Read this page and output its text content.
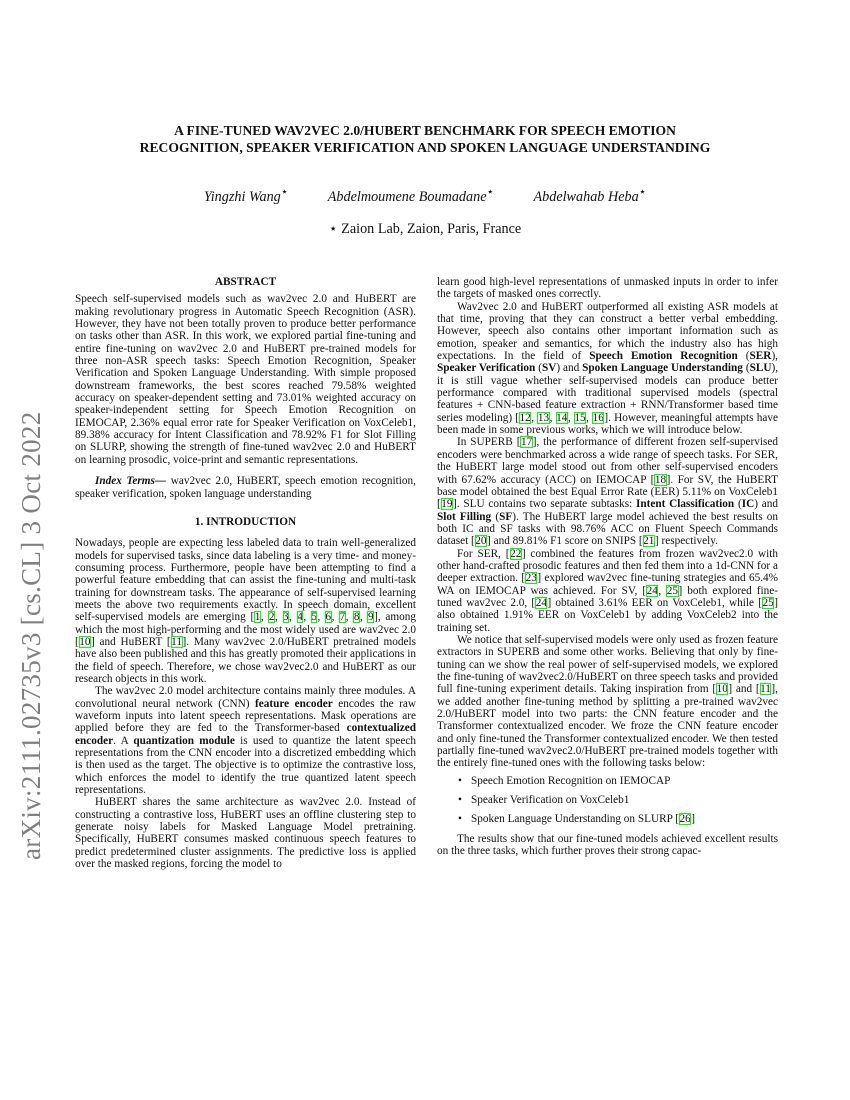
arXiv:2111.02735v3 [cs.CL] 3 Oct 2022
A FINE-TUNED WAV2VEC 2.0/HUBERT BENCHMARK FOR SPEECH EMOTION
RECOGNITION, SPEAKER VERIFICATION AND SPOKEN LANGUAGE UNDERSTANDING
Yingzhi Wang⋆	Abdelmoumene Boumadane⋆	Abdelwahab Heba⋆
⋆ Zaion Lab, Zaion, Paris, France
ABSTRACT

Speech self-supervised models such as wav2vec 2.0 and HuBERT are making revolutionary progress in Automatic Speech Recognition (ASR). However, they have not been totally proven to produce better performance on tasks other than ASR. In this work, we explored partial fine-tuning and entire fine-tuning on wav2vec 2.0 and HuBERT pre-trained models for three non-ASR speech tasks: Speech Emotion Recognition, Speaker Verification and Spoken Language Understanding. With simple proposed downstream frameworks, the best scores reached 79.58% weighted accuracy on speaker-dependent setting and 73.01% weighted accuracy on speaker-independent setting for Speech Emotion Recognition on IEMOCAP, 2.36% equal error rate for Speaker Verification on VoxCeleb1, 89.38% accuracy for Intent Classification and 78.92% F1 for Slot Filling on SLURP, showing the strength of fine-tuned wav2vec 2.0 and HuBERT on learning prosodic, voice-print and semantic representations.

Index Terms— wav2vec 2.0, HuBERT, speech emotion recognition, speaker verification, spoken language understanding

1. INTRODUCTION

Nowadays, people are expecting less labeled data to train well-generalized models for supervised tasks, since data labeling is a very time- and money-consuming process. Furthermore, people have been attempting to find a powerful feature embedding that can assist the fine-tuning and multi-task training for downstream tasks. The appearance of self-supervised learning meets the above two requirements exactly. In speech domain, excellent self-supervised models are emerging [1, 2, 3, 4, 5, 6, 7, 8, 9], among which the most high-performing and the most widely used are wav2vec 2.0 [10] and HuBERT [11]. Many wav2vec 2.0/HuBERT pretrained models have also been published and this has greatly promoted their applications in the field of speech. Therefore, we chose wav2vec2.0 and HuBERT as our research objects in this work.

The wav2vec 2.0 model architecture contains mainly three modules. A convolutional neural network (CNN) feature encoder encodes the raw waveform inputs into latent speech representations. Mask operations are applied before they are fed to the Transformer-based contextualized encoder. A quantization module is used to quantize the latent speech representations from the CNN encoder into a discretized embedding which is then used as the target. The objective is to optimize the contrastive loss, which enforces the model to identify the true quantized latent speech representations.

HuBERT shares the same architecture as wav2vec 2.0. Instead of constructing a contrastive loss, HuBERT uses an offline clustering step to generate noisy labels for Masked Language Model pretraining. Specifically, HuBERT consumes masked continuous speech features to predict predetermined cluster assignments. The predictive loss is applied over the masked regions, forcing the model to

learn good high-level representations of unmasked inputs in order to infer the targets of masked ones correctly.

Wav2vec 2.0 and HuBERT outperformed all existing ASR models at that time, proving that they can construct a better verbal embedding. However, speech also contains other important information such as emotion, speaker and semantics, for which the industry also has high expectations. In the field of Speech Emotion Recognition (SER), Speaker Verification (SV) and Spoken Language Understanding (SLU), it is still vague whether self-supervised models can produce better performance compared with traditional supervised models (spectral features + CNN-based feature extraction + RNN/Transformer based time series modeling) [12, 13, 14, 15, 16]. However, meaningful attempts have been made in some previous works, which we will introduce below.

In SUPERB [17], the performance of different frozen self-supervised encoders were benchmarked across a wide range of speech tasks. For SER, the HuBERT large model stood out from other self-supervised encoders with 67.62% accuracy (ACC) on IEMOCAP [18]. For SV, the HuBERT base model obtained the best Equal Error Rate (EER) 5.11% on VoxCeleb1 [19]. SLU contains two separate subtasks: Intent Classification (IC) and Slot Filling (SF). The HuBERT large model achieved the best results on both IC and SF tasks with 98.76% ACC on Fluent Speech Commands dataset [20] and 89.81% F1 score on SNIPS [21] respectively.

For SER, [22] combined the features from frozen wav2vec2.0 with other hand-crafted prosodic features and then fed them into a 1d-CNN for a deeper extraction. [23] explored wav2vec fine-tuning strategies and 65.4% WA on IEMOCAP was achieved. For SV, [24, 25] both explored fine-tuned wav2vec 2.0, [24] obtained 3.61% EER on VoxCeleb1, while [25] also obtained 1.91% EER on VoxCeleb1 by adding VoxCeleb2 into the training set.

We notice that self-supervised models were only used as frozen feature extractors in SUPERB and some other works. Believing that only by fine-tuning can we show the real power of self-supervised models, we explored the fine-tuning of wav2vec2.0/HuBERT on three speech tasks and provided full fine-tuning experiment details. Taking inspiration from [10] and [11], we added another fine-tuning method by splitting a pre-trained wav2vec 2.0/HuBERT model into two parts: the CNN feature encoder and the Transformer contextualized encoder. We froze the CNN feature encoder and only fine-tuned the Transformer contextualized encoder. We then tested partially fine-tuned wav2vec2.0/HuBERT pre-trained models together with the entirely fine-tuned ones with the following tasks below:

• Speech Emotion Recognition on IEMOCAP
• Speaker Verification on VoxCeleb1
• Spoken Language Understanding on SLURP [26]

The results show that our fine-tuned models achieved excellent results on the three tasks, which further proves their strong capac-
